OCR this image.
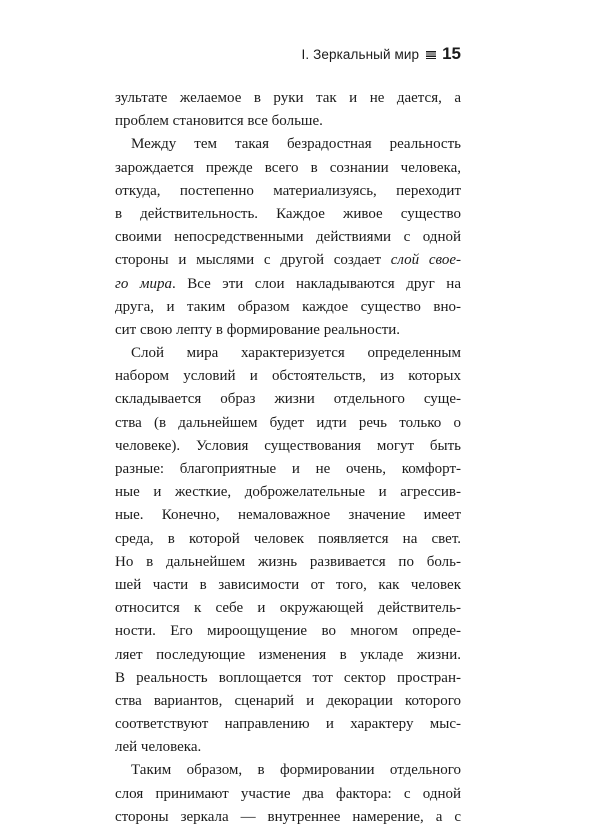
I. Зеркальный мир 15
зультате желаемое в руки так и не дается, а
проблем становится все больше.
Между тем такая безрадостная реальность
зарождается прежде всего в сознании человека,
откуда, постепенно материализуясь, переходит
в действительность. Каждое живое существо
своими непосредственными действиями с одной
стороны и мыслями с другой создает слой свое-
го мира. Все эти слои накладываются друг на
друга, и таким образом каждое существо вно-
сит свою лепту в формирование реальности.
Слой мира характеризуется определенным
набором условий и обстоятельств, из которых
складывается образ жизни отдельного суще-
ства (в дальнейшем будет идти речь только о
человеке). Условия существования могут быть
разные: благоприятные и не очень, комфорт-
ные и жесткие, доброжелательные и агрессив-
ные. Конечно, немаловажное значение имеет
среда, в которой человек появляется на свет.
Но в дальнейшем жизнь развивается по боль-
шей части в зависимости от того, как человек
относится к себе и окружающей действитель-
ности. Его мироощущение во многом опреде-
ляет последующие изменения в укладе жизни.
В реальность воплощается тот сектор простран-
ства вариантов, сценарий и декорации которого
соответствуют направлению и характеру мыс-
лей человека.
Таким образом, в формировании отдельного
слоя принимают участие два фактора: с одной
стороны зеркала — внутреннее намерение, а с
